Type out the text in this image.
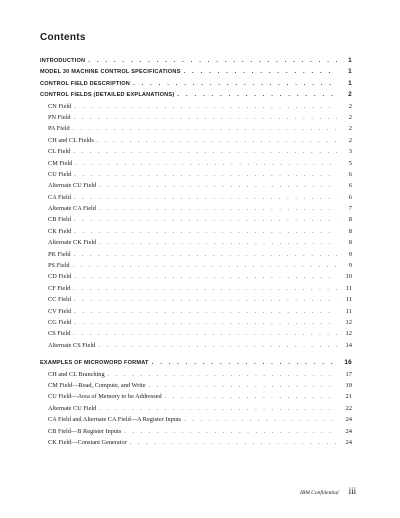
Contents
INTRODUCTION . . .	1
MODEL 30 MACHINE CONTROL SPECIFICATIONS . . .	1
CONTROL FIELD DESCRIPTION . . .	1
CONTROL FIELDS (DETAILED EXPLANATIONS) . . .	2
CN Field . . .	2
PN Field . . .	2
PA Field . . .	2
CH and CL Fields . . .	2
CL Field . . .	3
CM Field . . .	5
CU Field . . .	6
Alternate CU Field . . .	6
CA Field . . .	6
Alternate CA Field . . .	7
CB Field . . .	8
CK Field . . .	8
Alternate CK Field . . .	8
PK Field . . .	9
PS Field . . .	9
CD Field . . .	10
CF Field . . .	11
CC Field . . .	11
CV Field . . .	11
CG Field . . .	12
CS Field . . .	12
Alternate CS Field . . .	14
EXAMPLES OF MICROWORD FORMAT . . .	16
CH and CL Branching . . .	17
CM Field—Read, Compute, and Write . . .	19
CU Field—Area of Memory to be Addressed . . .	21
Alternate CU Field . . .	22
CA Field and Alternate CA Field—A Register Inputs . . .	24
CB Field—B Register Inputs . . .	24
CK Field—Constant Generator . . .	24
IBM Confidential iii
